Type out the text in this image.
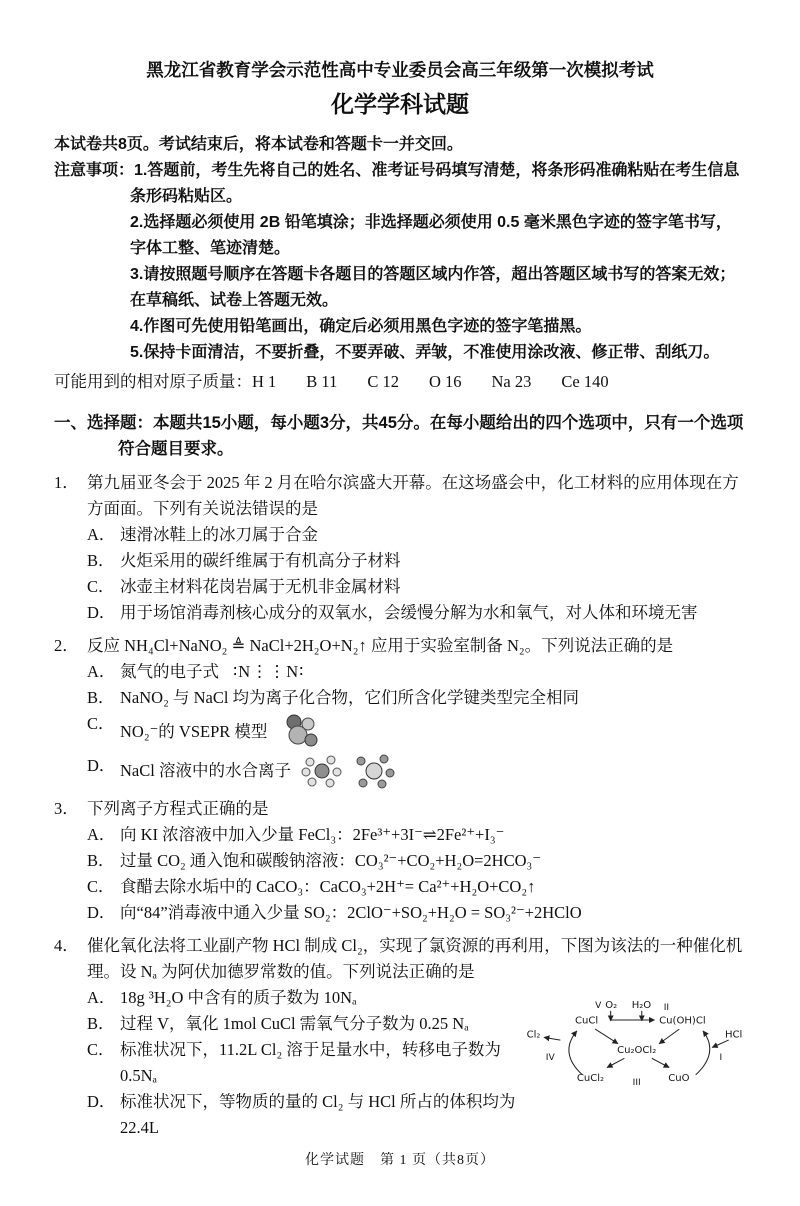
黑龙江省教育学会示范性高中专业委员会高三年级第一次模拟考试
化学学科试题
本试卷共8页。考试结束后，将本试卷和答题卡一并交回。
注意事项：1.答题前，考生先将自己的姓名、准考证号码填写清楚，将条形码准确粘贴在考生信息条形码粘贴区。
2.选择题必须使用 2B 铅笔填涂；非选择题必须使用 0.5 毫米黑色字迹的签字笔书写，字体工整、笔迹清楚。
3.请按照题号顺序在答题卡各题目的答题区域内作答，超出答题区域书写的答案无效；在草稿纸、试卷上答题无效。
4.作图可先使用铅笔画出，确定后必须用黑色字迹的签字笔描黑。
5.保持卡面清洁，不要折叠，不要弄破、弄皱，不准使用涂改液、修正带、刮纸刀。
可能用到的相对原子质量： H 1 B 11 C 12 O 16 Na 23 Ce 140
一、选择题：本题共15小题，每小题3分，共45分。在每小题给出的四个选项中，只有一个选项符合题目要求。
1． 第九届亚冬会于 2025 年 2 月在哈尔滨盛大开幕。在这场盛会中，化工材料的应用体现在方方面面。下列有关说法错误的是
A． 速滑冰鞋上的冰刀属于合金
B． 火炬采用的碳纤维属于有机高分子材料
C． 冰壶主材料花岗岩属于无机非金属材料
D． 用于场馆消毒剂核心成分的双氧水，会缓慢分解为水和氧气，对人体和环境无害
2． 反应 NH₄Cl+NaNO₂ ≜ NaCl+2H₂O+N₂↑ 应用于实验室制备 N₂。下列说法正确的是
A． 氮气的电子式 ∶N⋮⋮N∶
B． NaNO₂ 与 NaCl 均为离子化合物，它们所含化学键类型完全相同
C． NO₂⁻的 VSEPR 模型
D． NaCl 溶液中的水合离子
3． 下列离子方程式正确的是
A． 向 KI 浓溶液中加入少量 FeCl₃：2Fe³⁺+3I⁻⇌2Fe²⁺+I₃⁻
B． 过量 CO₂ 通入饱和碳酸钠溶液：CO₃²⁻+CO₂+H₂O=2HCO₃⁻
C． 食醋去除水垢中的 CaCO₃：CaCO₃+2H⁺= Ca²⁺+H₂O+CO₂↑
D． 向“84”消毒液中通入少量 SO₂：2ClO⁻+SO₂+H₂O = SO₃²⁻+2HClO
4． 催化氧化法将工业副产物 HCl 制成 Cl₂，实现了氯资源的再利用，下图为该法的一种催化机理。设 Nₐ 为阿伏加德罗常数的值。下列说法正确的是
A． 18g ³H₂O 中含有的质子数为 10Nₐ
B． 过程 V，氧化 1mol CuCl 需氧气分子数为 0.25 Nₐ
C． 标准状况下，11.2L Cl₂ 溶于足量水中，转移电子数为 0.5Nₐ
D． 标准状况下，等物质的量的 Cl₂ 与 HCl 所占的体积均为 22.4L
V O₂ H₂O II
CuCl	Cu(OH)Cl
HCl
I
Cl₂
IV
Cu₂OCl₂
CuCl₂	III	CuO
化学试题　第 1 页（共8页）
